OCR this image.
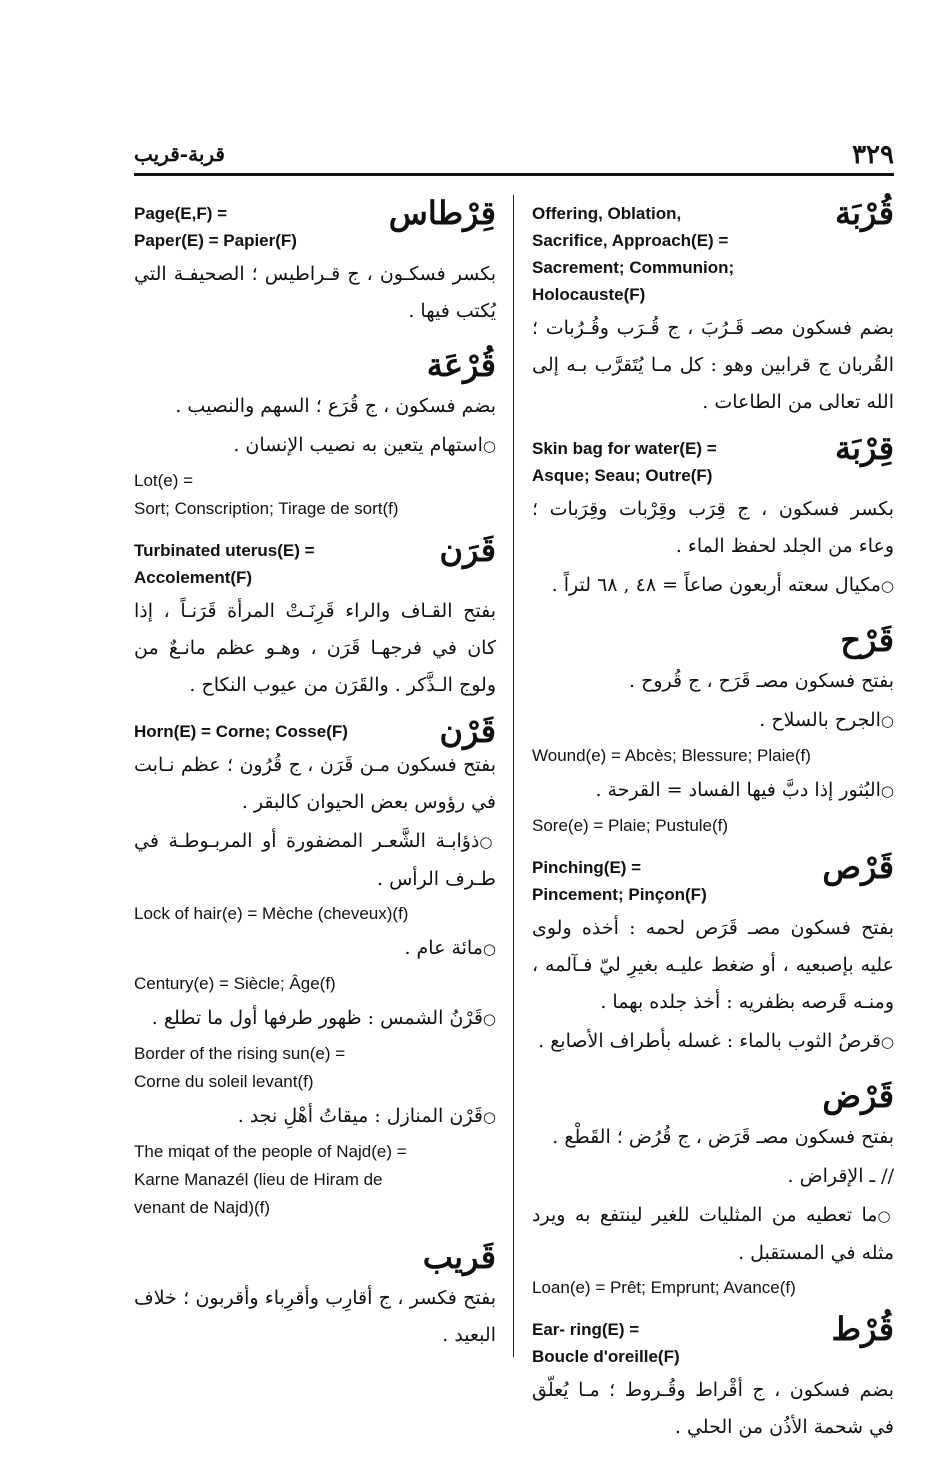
٣٢٩
قربة-قريب
قُرْبَة
Offering, Oblation,
Sacrifice, Approach(E) =
Sacrement; Communion; Holocauste(F)
بضم فسكون مصـ قَـرُبَ ، ج قُـرَب وقُـرُبات ؛ القُربان ج قرابين وهو : كل مـا يُتَقرَّب بـه إلى الله تعالى من الطاعات .
قِرْبَة
Skin bag for water(E) =
Asque; Seau; Outre(F)
بكسر فسكون ، ج قِرَب وقِرْبات وقِرَبات ؛ وعاء من الجلد لحفظ الماء .
○ مكيال سعته أربعون صاعاً = ٤٨ , ٦٨ لتراً .
قَرْح
بفتح فسكون مصـ قَرَح ، ج قُروح .
○ الجرح بالسلاح .
Wound(e) = Abcès; Blessure; Plaie(f)
○ البُثور إذا دبَّ فيها الفساد = القرحة .
Sore(e) = Plaie; Pustule(f)
قَرْص
Pinching(E) =
Pincement; Pinçon(F)
بفتح فسكون مصـ قَرَص لحمه : أخذه ولوى عليه بإصبعيه ، أو ضغط عليـه بغيرِ ليّ فـآلمه ، ومنـه قَرصه بظفريه : أخذ جلده بهما .
○ قرصُ الثوب بالماء : غسله بأطراف الأصابع .
قَرْض
بفتح فسكون مصـ قَرَض ، ج قُرُض ؛ القَطْع .
// ـ الإقراض .
○ ما تعطيه من المثليات للغير لينتفع به ويرد مثله في المستقبل .
Loan(e) = Prêt; Emprunt; Avance(f)
قُرْط
Ear- ring(E) =
Boucle d'oreille(F)
بضم فسكون ، ج أقْراط وقُـروط ؛ مـا يُعلّق في شحمة الأذُن من الحلي .
قِرْطاس
Page(E,F) =
Paper(E) = Papier(F)
بكسر فسكـون ، ج قـراطيس ؛ الصحيفـة التي يُكتب فيها .
قُرْعَة
بضم فسكون ، ج قُرَع ؛ السهم والنصيب .
○ استهام يتعين به نصيب الإنسان .
Lot(e) =
Sort; Conscription; Tirage de sort(f)
قَرَن
Turbinated uterus(E) =
Accolement(F)
بفتح القـاف والراء قَرِنَـتْ المرأة قَرَنـاً ، إذا كان في فرجهـا قَرَن ، وهـو عظم مانـعٌ من ولوج الـذَّكر . والقَرَن من عيوب النكاح .
قَرْن
Horn(E) = Corne; Cosse(F)
بفتح فسكون مـن قَرَن ، ج قُرُون ؛ عظم نـابت في رؤوس بعض الحيوان كالبقر .
○ ذؤابـة الشَّعـر المضفورة أو المربـوطـة في طـرف الرأس .
Lock of hair(e) = Mèche (cheveux)(f)
○ مائة عام .
Century(e) = Siècle; Âge(f)
○ قَرْنُ الشمس : ظهور طرفها أول ما تطلع .
Border of the rising sun(e) =
Corne du soleil levant(f)
○ قَرْن المنازل : ميقاتُ أهْلِ نجد .
The miqat of the people of Najd(e) =
Karne Manazél (lieu de Hiram de
venant de Najd)(f)
قَريب
بفتح فكسر ، ج أقارِب وأقرِباء وأقربون ؛ خلاف البعيد .
